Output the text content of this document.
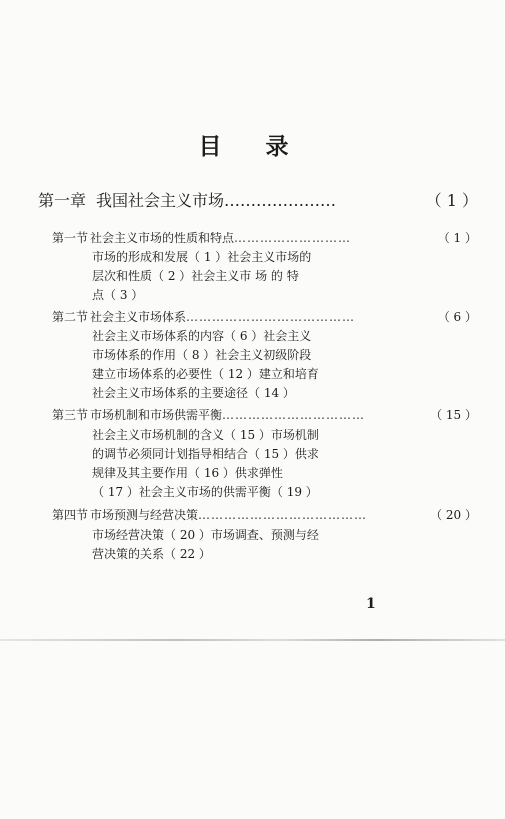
目 录
第一章 我国社会主义市场…………………	（ 1 ）
第一节 社会主义市场的性质和特点………………………	（ 1 ）
市场的形成和发展（ 1 ）社会主义市场的
层次和性质（ 2 ）社会主义市 场 的 特
点（ 3 ）
第二节 社会主义市场体系…………………………………	（ 6 ）
社会主义市场体系的内容（ 6 ）社会主义
市场体系的作用（ 8 ）社会主义初级阶段
建立市场体系的必要性（ 12 ）建立和培育
社会主义市场体系的主要途径（ 14 ）
第三节 市场机制和市场供需平衡……………………………	（ 15 ）
社会主义市场机制的含义（ 15 ）市场机制
的调节必须同计划指导相结合（ 15 ）供求
规律及其主要作用（ 16 ）供求弹性
（ 17 ）社会主义市场的供需平衡（ 19 ）
第四节 市场预测与经营决策…………………………………	（ 20 ）
市场经营决策（ 20 ）市场调查、预测与经
营决策的关系（ 22 ）
1
